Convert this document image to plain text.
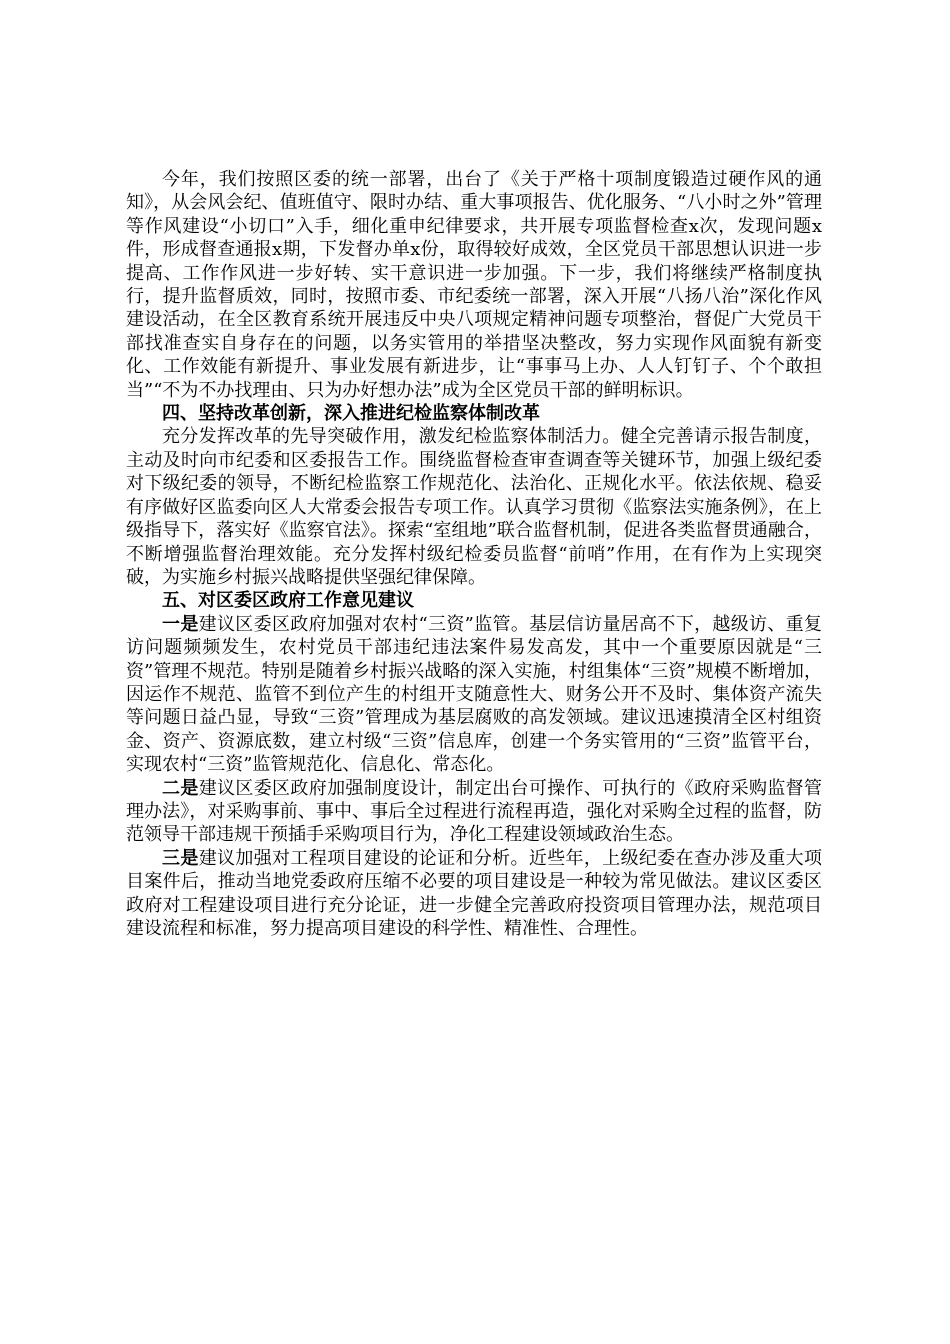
今年，我们按照区委的统一部署，出台了《关于严格十项制度锻造过硬作风的通知》，从会风会纪、值班值守、限时办结、重大事项报告、优化服务、“八小时之外”管理等作风建设“小切口”入手，细化重申纪律要求，共开展专项监督检查x次，发现问题x件，形成督查通报x期，下发督办单x份，取得较好成效，全区党员干部思想认识进一步提高、工作作风进一步好转、实干意识进一步加强。下一步，我们将继续严格制度执行，提升监督质效，同时，按照市委、市纪委统一部署，深入开展“八扬八治”深化作风建设活动，在全区教育系统开展违反中央八项规定精神问题专项整治，督促广大党员干部找准查实自身存在的问题，以务实管用的举措坚决整改，努力实现作风面貌有新变化、工作效能有新提升、事业发展有新进步，让“事事马上办、人人钉钉子、个个敢担当”“不为不办找理由、只为办好想办法”成为全区党员干部的鲜明标识。

四、坚持改革创新，深入推进纪检监察体制改革

充分发挥改革的先导突破作用，激发纪检监察体制活力。健全完善请示报告制度，主动及时向市纪委和区委报告工作。围绕监督检查审查调查等关键环节，加强上级纪委对下级纪委的领导，不断纪检监察工作规范化、法治化、正规化水平。依法依规、稳妥有序做好区监委向区人大常委会报告专项工作。认真学习贯彻《监察法实施条例》，在上级指导下，落实好《监察官法》。探索“室组地”联合监督机制，促进各类监督贯通融合，不断增强监督治理效能。充分发挥村级纪检委员监督“前哨”作用，在有作为上实现突破，为实施乡村振兴战略提供坚强纪律保障。

五、对区委区政府工作意见建议

一是建议区委区政府加强对农村“三资”监管。基层信访量居高不下，越级访、重复访问题频频发生，农村党员干部违纪违法案件易发高发，其中一个重要原因就是“三资”管理不规范。特别是随着乡村振兴战略的深入实施，村组集体“三资”规模不断增加，因运作不规范、监管不到位产生的村组开支随意性大、财务公开不及时、集体资产流失等问题日益凸显，导致“三资”管理成为基层腐败的高发领域。建议迅速摸清全区村组资金、资产、资源底数，建立村级“三资”信息库，创建一个务实管用的“三资”监管平台，实现农村“三资”监管规范化、信息化、常态化。

二是建议区委区政府加强制度设计，制定出台可操作、可执行的《政府采购监督管理办法》，对采购事前、事中、事后全过程进行流程再造，强化对采购全过程的监督，防范领导干部违规干预插手采购项目行为，净化工程建设领域政治生态。

三是建议加强对工程项目建设的论证和分析。近些年，上级纪委在查办涉及重大项目案件后，推动当地党委政府压缩不必要的项目建设是一种较为常见做法。建议区委区政府对工程建设项目进行充分论证，进一步健全完善政府投资项目管理办法，规范项目建设流程和标准，努力提高项目建设的科学性、精准性、合理性。
